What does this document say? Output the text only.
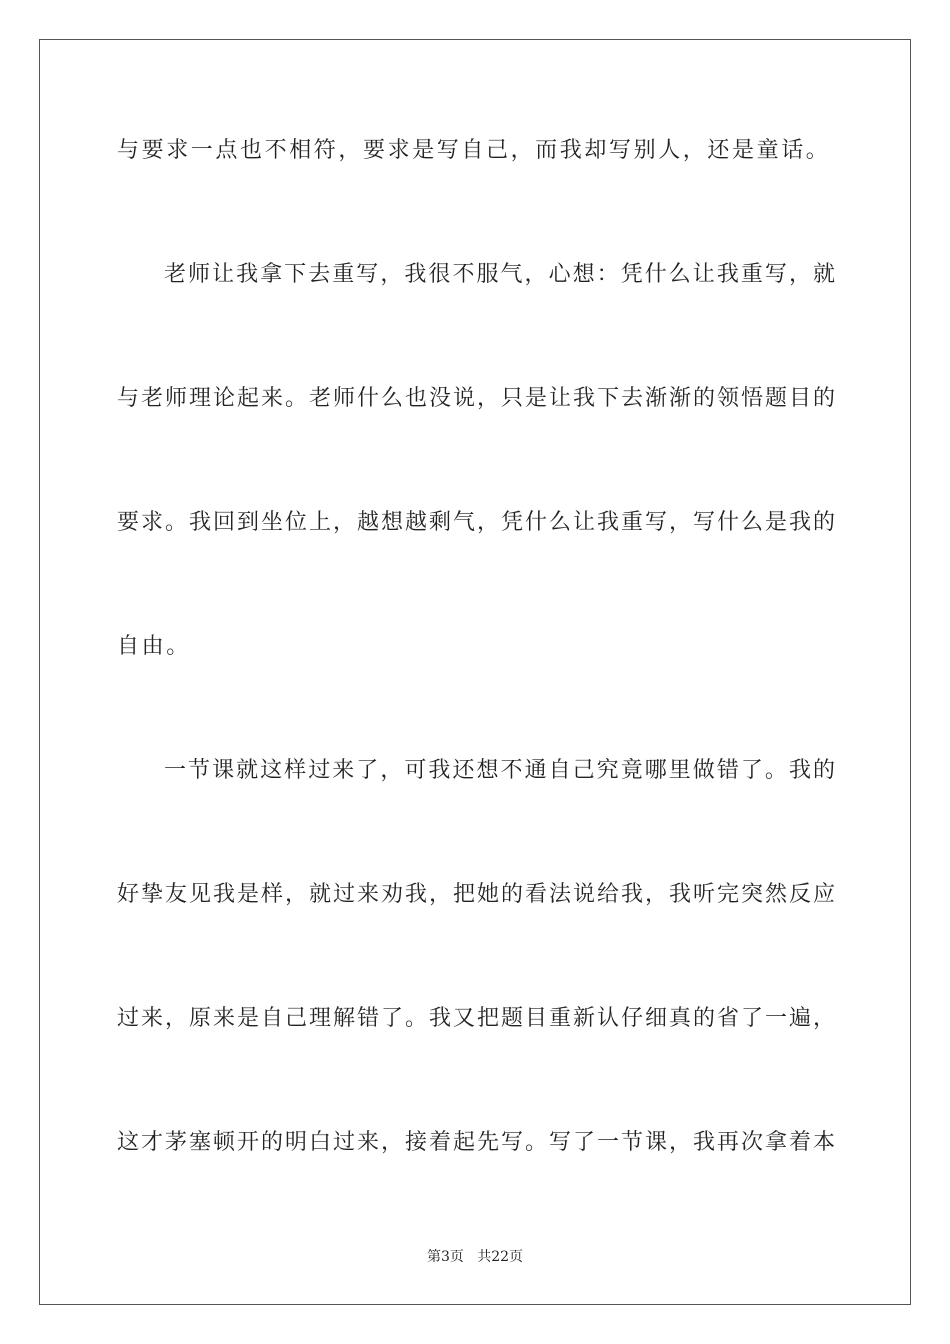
与要求一点也不相符，要求是写自己，而我却写别人，还是童话。
老师让我拿下去重写，我很不服气，心想：凭什么让我重写，就
与老师理论起来。老师什么也没说，只是让我下去渐渐的领悟题目的
要求。我回到坐位上，越想越剩气，凭什么让我重写，写什么是我的
自由。
一节课就这样过来了，可我还想不通自己究竟哪里做错了。我的
好挚友见我是样，就过来劝我，把她的看法说给我，我听完突然反应
过来，原来是自己理解错了。我又把题目重新认仔细真的省了一遍，
这才茅塞顿开的明白过来，接着起先写。写了一节课，我再次拿着本
第3页   共22页
